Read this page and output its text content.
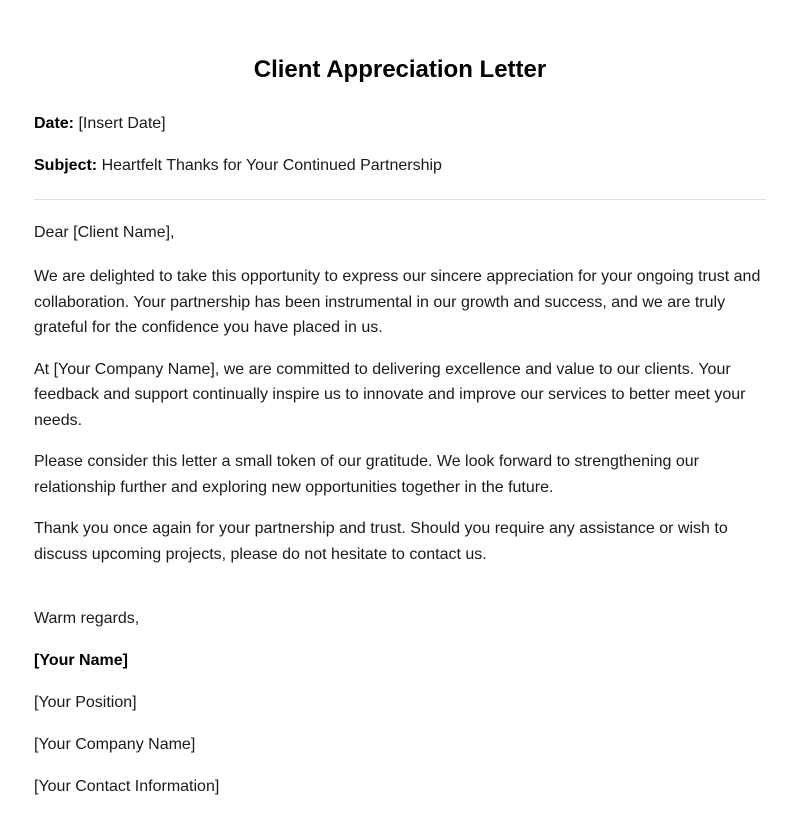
Client Appreciation Letter

Date: [Insert Date]

Subject: Heartfelt Thanks for Your Continued Partnership

Dear [Client Name],

We are delighted to take this opportunity to express our sincere appreciation for your ongoing trust and collaboration. Your partnership has been instrumental in our growth and success, and we are truly grateful for the confidence you have placed in us.

At [Your Company Name], we are committed to delivering excellence and value to our clients. Your feedback and support continually inspire us to innovate and improve our services to better meet your needs.

Please consider this letter a small token of our gratitude. We look forward to strengthening our relationship further and exploring new opportunities together in the future.

Thank you once again for your partnership and trust. Should you require any assistance or wish to discuss upcoming projects, please do not hesitate to contact us.

Warm regards,

[Your Name]

[Your Position]

[Your Company Name]

[Your Contact Information]
